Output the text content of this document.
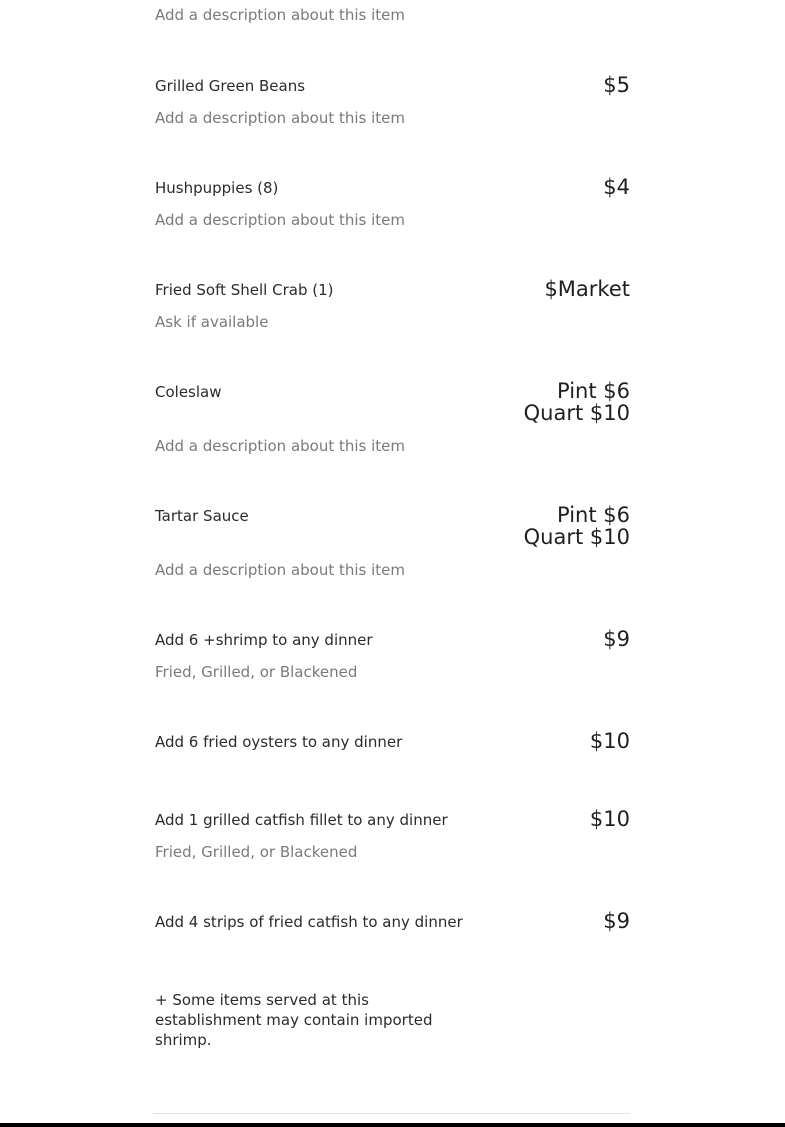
Add a description about this item
Grilled Green Beans	$5
Add a description about this item
Hushpuppies (8)	$4
Add a description about this item
Fried Soft Shell Crab (1)	$Market
Ask if available
Coleslaw	Pint $6
Quart $10
Add a description about this item
Tartar Sauce	Pint $6
Quart $10
Add a description about this item
Add 6 +shrimp to any dinner	$9
Fried, Grilled, or Blackened
Add 6 fried oysters to any dinner	$10
Add 1 grilled catfish fillet to any dinner	$10
Fried, Grilled, or Blackened
Add 4 strips of fried catfish to any dinner	$9
+ Some items served at this establishment may contain imported shrimp.
